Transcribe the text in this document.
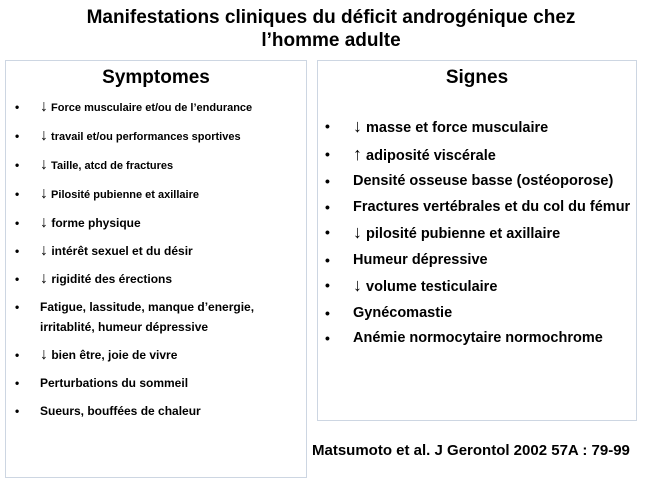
Manifestations cliniques du déficit androgénique chez
l’homme adulte
Symptomes
• ↓ Force musculaire et/ou de l’endurance
• ↓ travail et/ou performances sportives
• ↓ Taille, atcd de fractures
• ↓ Pilosité pubienne et axillaire
• ↓ forme physique
• ↓ intérêt sexuel et du désir
• ↓ rigidité des érections
• Fatigue, lassitude, manque d’energie, irritablité, humeur dépressive
• ↓ bien être, joie de vivre
• Perturbations du sommeil
• Sueurs, bouffées de chaleur
Signes
• ↓ masse et force musculaire
• ↑ adiposité viscérale
• Densité osseuse basse (ostéoporose)
• Fractures vertébrales et du col du fémur
• ↓ pilosité pubienne et axillaire
• Humeur dépressive
• ↓ volume testiculaire
• Gynécomastie
• Anémie normocytaire normochrome
Matsumoto et al. J Gerontol 2002 57A : 79-99
